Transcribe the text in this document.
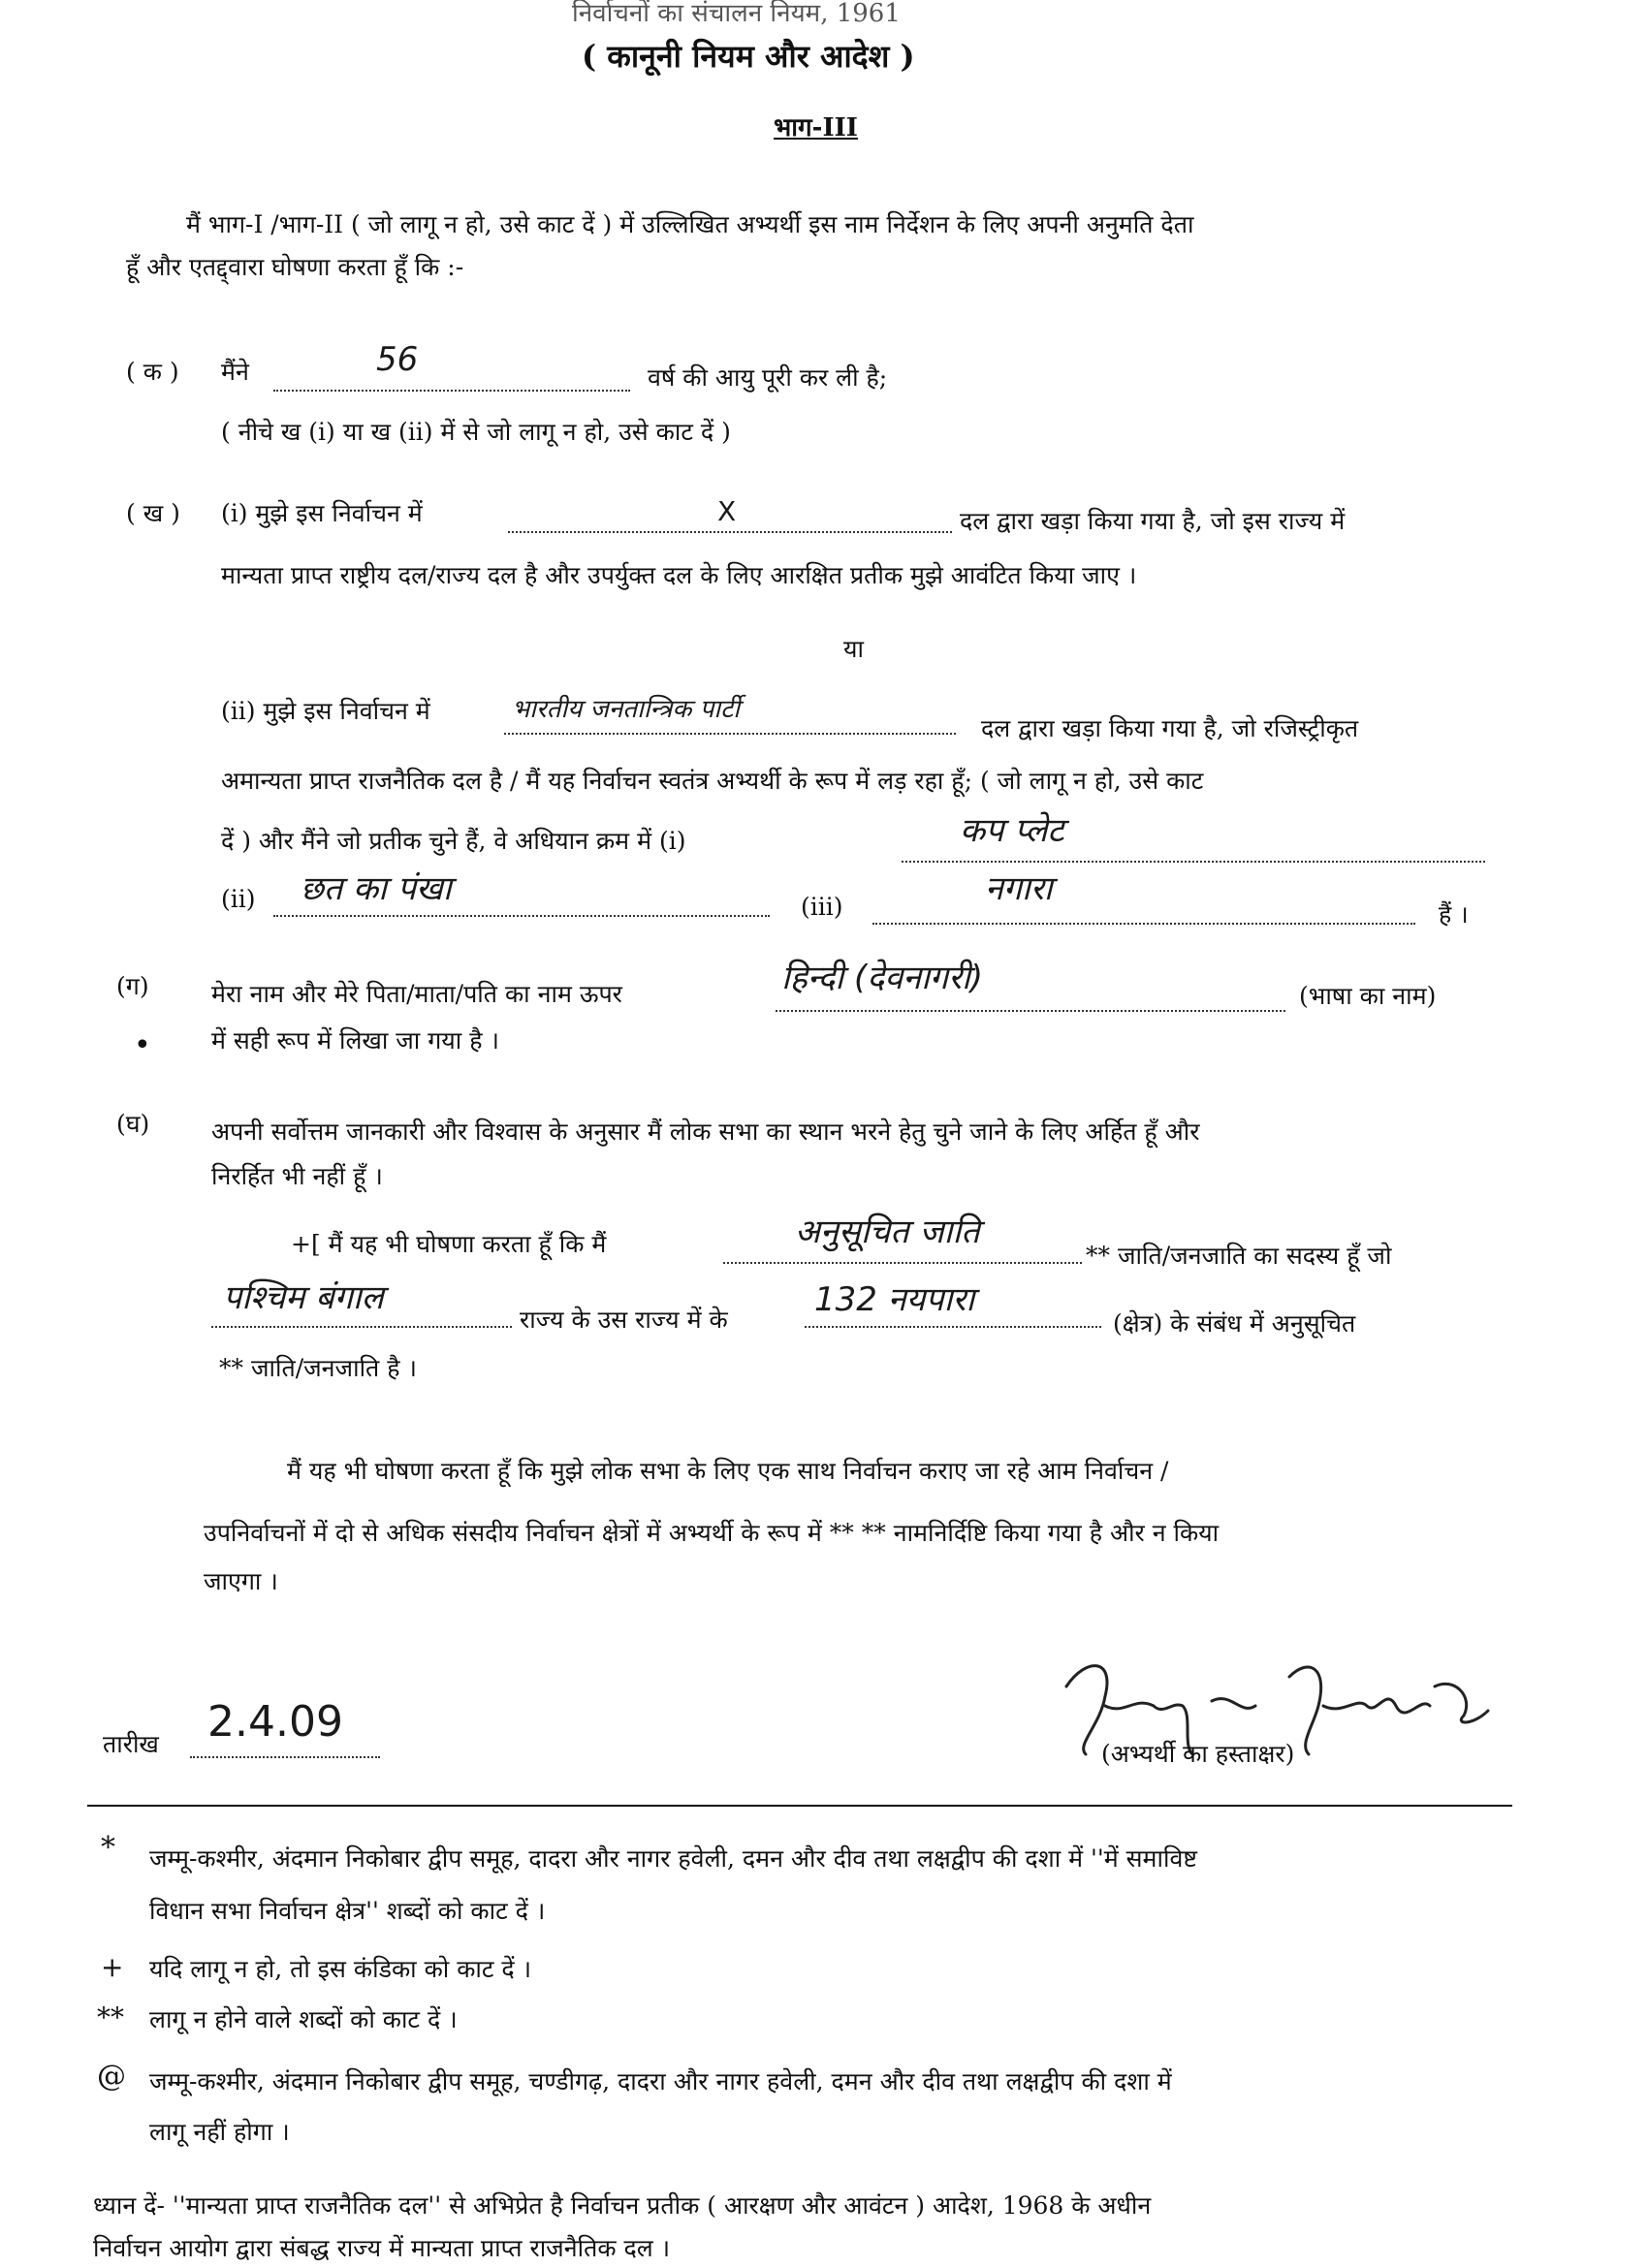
निर्वाचनों का संचालन नियम, 1961
( कानूनी नियम और आदेश )
भाग-III
मैं भाग-I /भाग-II ( जो लागू न हो, उसे काट दें ) में उल्लिखित अभ्यर्थी इस नाम निर्देशन के लिए अपनी अनुमति देता
हूँ और एतद्द्वारा घोषणा करता हूँ कि :-
( क ) मैंने	56	वर्ष की आयु पूरी कर ली है;
( नीचे ख (i) या ख (ii) में से जो लागू न हो, उसे काट दें )
( ख ) (i) मुझे इस निर्वाचन में	X	दल द्वारा खड़ा किया गया है, जो इस राज्य में
मान्यता प्राप्त राष्ट्रीय दल/राज्य दल है और उपर्युक्त दल के लिए आरक्षित प्रतीक मुझे आवंटित किया जाए ।
या
(ii) मुझे इस निर्वाचन में	भारतीय जनतान्त्रिक पार्टी
दल द्वारा खड़ा किया गया है, जो रजिस्ट्रीकृत
अमान्यता प्राप्त राजनैतिक दल है / मैं यह निर्वाचन स्वतंत्र अभ्यर्थी के रूप में लड़ रहा हूँ; ( जो लागू न हो, उसे काट
दें ) और मैंने जो प्रतीक चुने हैं, वे अधियान क्रम में (i)	कप प्लेट
(ii) छत का पंखा	(iii)	नगारा
हैं ।
(ग)	मेरा नाम और मेरे पिता/माता/पति का नाम ऊपर	हिन्दी (देवनागरी)	(भाषा का नाम)
• में सही रूप में लिखा जा गया है ।
(घ)	अपनी सर्वोत्तम जानकारी और विश्वास के अनुसार मैं लोक सभा का स्थान भरने हेतु चुने जाने के लिए अर्हित हूँ और
निरर्हित भी नहीं हूँ ।
+[ मैं यह भी घोषणा करता हूँ कि मैं	अनुसूचित जाति
** जाति/जनजाति का सदस्य हूँ जो
पश्चिम बंगाल
राज्य के उस राज्य में के
132 नयपारा
(क्षेत्र) के संबंध में अनुसूचित
** जाति/जनजाति है ।
मैं यह भी घोषणा करता हूँ कि मुझे लोक सभा के लिए एक साथ निर्वाचन कराए जा रहे आम निर्वाचन /
उपनिर्वाचनों में दो से अधिक संसदीय निर्वाचन क्षेत्रों में अभ्यर्थी के रूप में ** ** नामनिर्दिष्टि किया गया है और न किया
जाएगा ।
तारीख 2.4.09
(अभ्यर्थी का हस्ताक्षर)
* जम्मू-कश्मीर, अंदमान निकोबार द्वीप समूह, दादरा और नागर हवेली, दमन और दीव तथा लक्षद्वीप की दशा में ''में समाविष्ट
विधान सभा निर्वाचन क्षेत्र'' शब्दों को काट दें ।
+ यदि लागू न हो, तो इस कंडिका को काट दें ।
** लागू न होने वाले शब्दों को काट दें ।
@ जम्मू-कश्मीर, अंदमान निकोबार द्वीप समूह, चण्डीगढ़, दादरा और नागर हवेली, दमन और दीव तथा लक्षद्वीप की दशा में
लागू नहीं होगा ।
ध्यान दें- ''मान्यता प्राप्त राजनैतिक दल'' से अभिप्रेत है निर्वाचन प्रतीक ( आरक्षण और आवंटन ) आदेश, 1968 के अधीन
निर्वाचन आयोग द्वारा संबद्ध राज्य में मान्यता प्राप्त राजनैतिक दल ।
